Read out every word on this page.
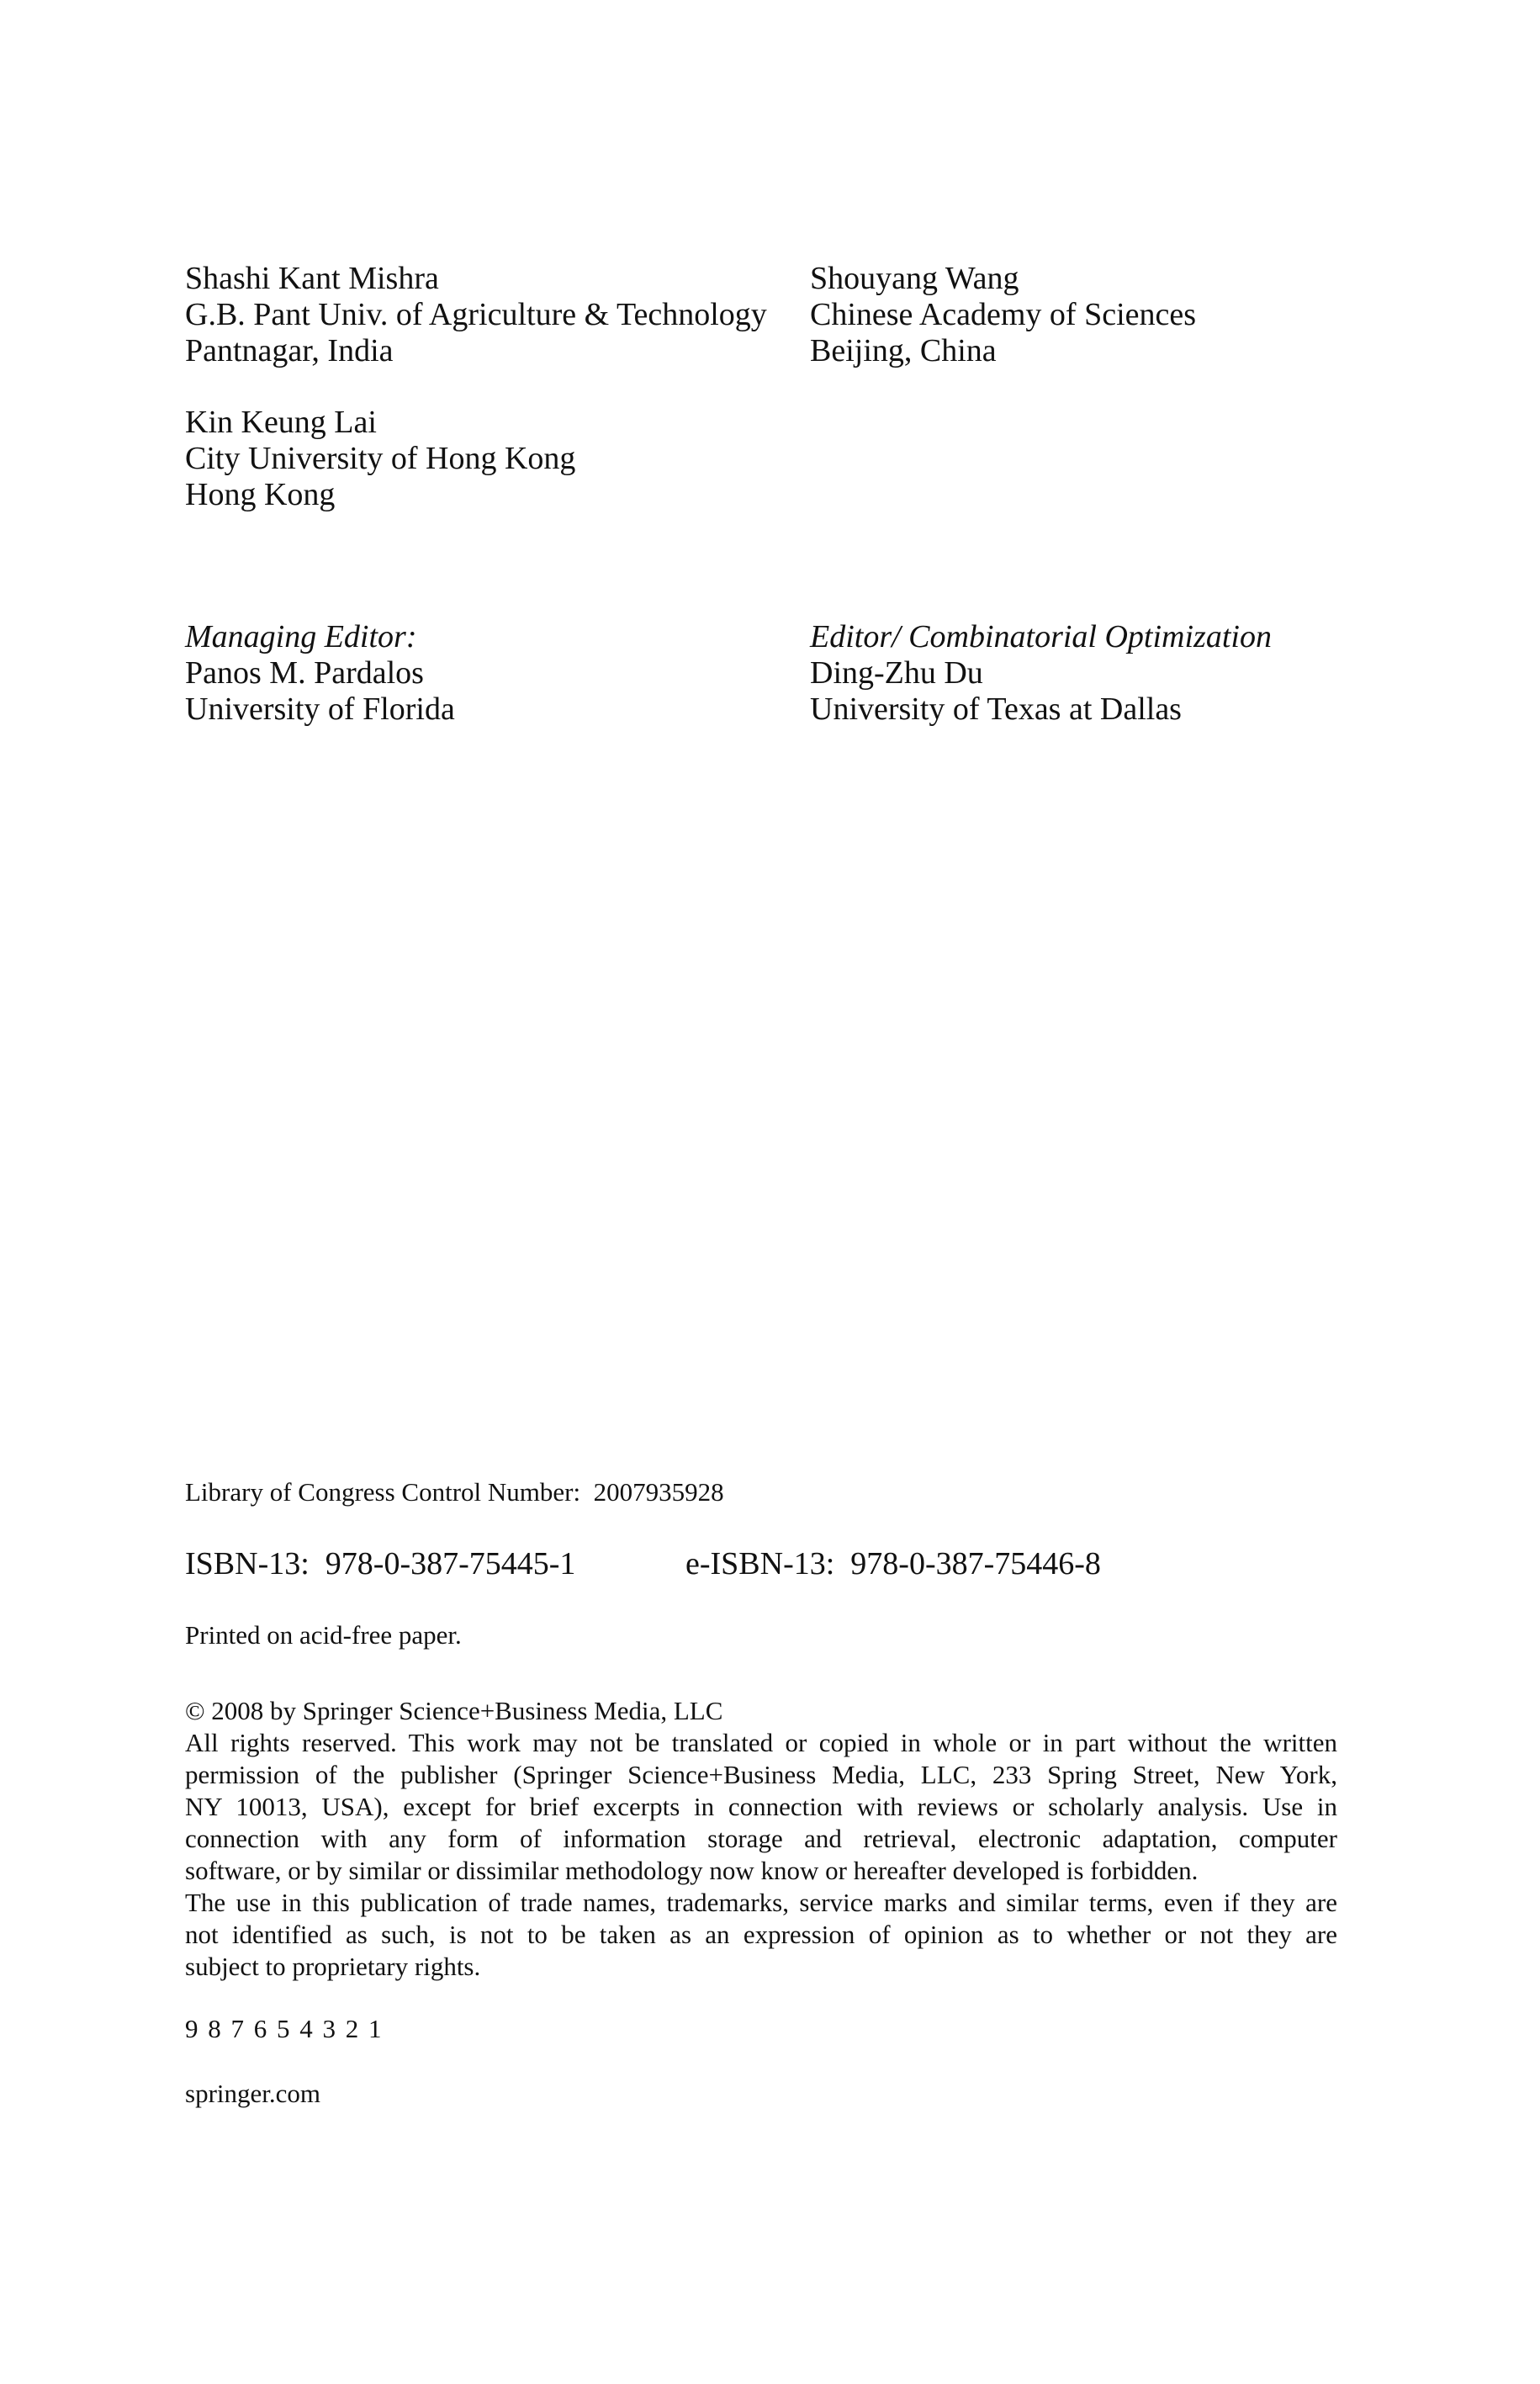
Shashi Kant Mishra
G.B. Pant Univ. of Agriculture & Technology
Pantnagar, India
Shouyang Wang
Chinese Academy of Sciences
Beijing, China
Kin Keung Lai
City University of Hong Kong
Hong Kong
Managing Editor:
Panos M. Pardalos
University of Florida
Editor/ Combinatorial Optimization
Ding-Zhu Du
University of Texas at Dallas
Library of Congress Control Number:  2007935928
ISBN-13:  978-0-387-75445-1	e-ISBN-13:  978-0-387-75446-8
Printed on acid-free paper.
© 2008 by Springer Science+Business Media, LLC
All rights reserved. This work may not be translated or copied in whole or in part without the written
permission of the publisher (Springer Science+Business Media, LLC, 233 Spring Street, New York,
NY 10013, USA), except for brief excerpts in connection with reviews or scholarly analysis. Use in
connection with any form of information storage and retrieval, electronic adaptation, computer
software, or by similar or dissimilar methodology now know or hereafter developed is forbidden.
The use in this publication of trade names, trademarks, service marks and similar terms, even if they are
not identified as such, is not to be taken as an expression of opinion as to whether or not they are
subject to proprietary rights.
9 8 7 6 5 4 3 2 1
springer.com
